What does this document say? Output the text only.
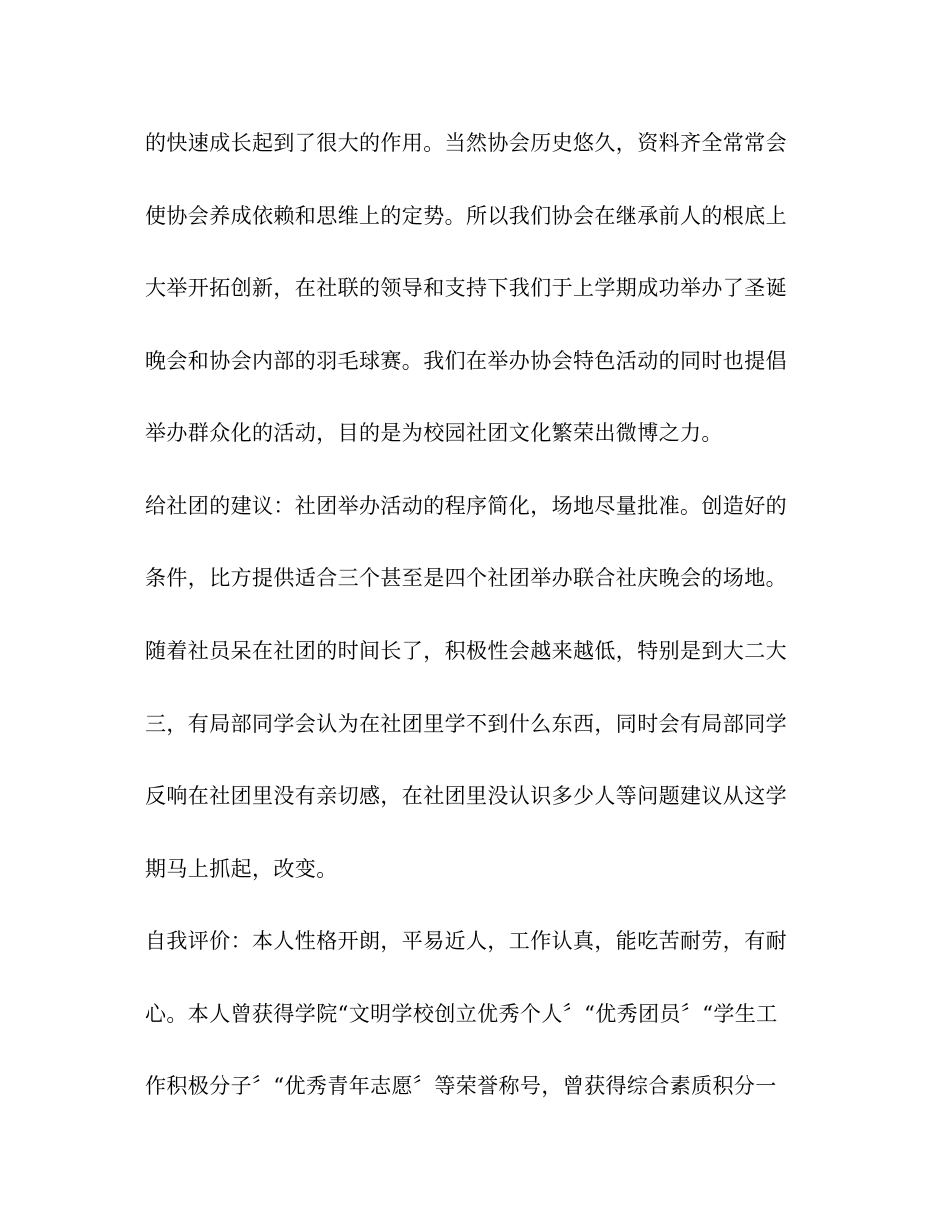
的快速成长起到了很大的作用。当然协会历史悠久，资料齐全常常会
使协会养成依赖和思维上的定势。所以我们协会在继承前人的根底上
大举开拓创新，在社联的领导和支持下我们于上学期成功举办了圣诞
晚会和协会内部的羽毛球赛。我们在举办协会特色活动的同时也提倡
举办群众化的活动，目的是为校园社团文化繁荣出微博之力。
给社团的建议：社团举办活动的程序简化，场地尽量批准。创造好的
条件，比方提供适合三个甚至是四个社团举办联合社庆晚会的场地。
随着社员呆在社团的时间长了，积极性会越来越低，特别是到大二大
三，有局部同学会认为在社团里学不到什么东西，同时会有局部同学
反响在社团里没有亲切感，在社团里没认识多少人等问题建议从这学
期马上抓起，改变。
自我评价：本人性格开朗，平易近人，工作认真，能吃苦耐劳，有耐
心。本人曾获得学院“文明学校创立优秀个人〞“优秀团员〞“学生工
作积极分子〞“优秀青年志愿〞等荣誉称号，曾获得综合素质积分一
